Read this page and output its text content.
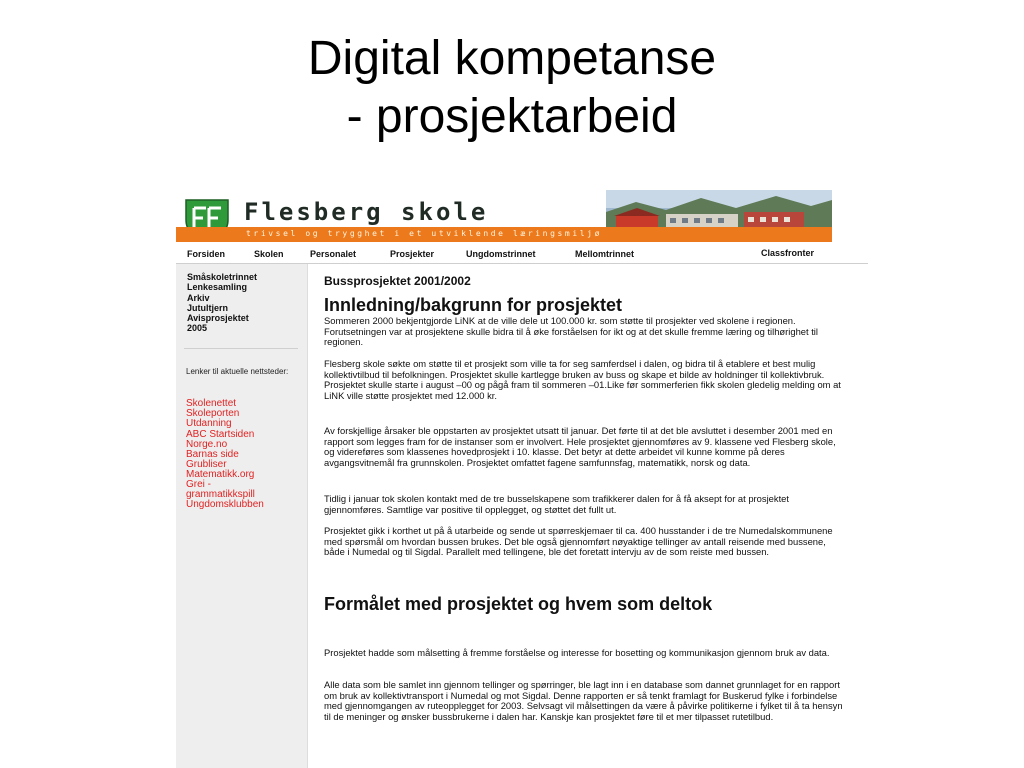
Digital kompetanse
- prosjektarbeid
Flesberg skole
trivsel og trygghet i et utviklende læringsmiljø
Forsiden	Skolen	Personalet	Prosjekter	Ungdomstrinnet	Mellomtrinnet	Classfronter
Småskoletrinnet
Lenkesamling
Arkiv
Jutultjern
Avisprosjektet
2005
Lenker til aktuelle nettsteder:
Skolenettet
Skoleporten
Utdanning
ABC Startsiden
Norge.no
Barnas side
Grubliser
Matematikk.org
Grei -
grammatikkspill
Ungdomsklubben
Bussprosjektet 2001/2002
Innledning/bakgrunn for prosjektet

Sommeren 2000 bekjentgjorde LiNK at de ville dele ut 100.000 kr. som støtte til prosjekter ved skolene i regionen. Forutsetningen var at prosjektene skulle bidra til å øke forståelsen for ikt og at det skulle fremme læring og tilhørighet til regionen.

Flesberg skole søkte om støtte til et prosjekt som ville ta for seg samferdsel i dalen, og bidra til å etablere et best mulig kollektivtilbud til befolkningen. Prosjektet skulle kartlegge bruken av buss og skape et bilde av holdninger til kollektivbruk. Prosjektet skulle starte i august –00 og pågå fram til sommeren –01.Like før sommerferien fikk skolen gledelig melding om at LiNK ville støtte prosjektet med 12.000 kr.

Av forskjellige årsaker ble oppstarten av prosjektet utsatt til januar. Det førte til at det ble avsluttet i desember 2001 med en rapport som legges fram for de instanser som er involvert. Hele prosjektet gjennomføres av 9. klassene ved Flesberg skole, og videreføres som klassenes hovedprosjekt i 10. klasse. Det betyr at dette arbeidet vil kunne komme på deres avgangsvitnemål fra grunnskolen. Prosjektet omfattet fagene samfunnsfag, matematikk, norsk og data.

Tidlig i januar tok skolen kontakt med de tre busselskapene som trafikkerer dalen for å få aksept for at prosjektet gjennomføres. Samtlige var positive til opplegget, og støttet det fullt ut.

Prosjektet gikk i korthet ut på å utarbeide og sende ut spørreskjemaer til ca. 400 husstander i de tre Numedalskommunene med spørsmål om hvordan bussen brukes. Det ble også gjennomført nøyaktige tellinger av antall reisende med bussene, både i Numedal og til Sigdal. Parallelt med tellingene, ble det foretatt intervju av de som reiste med bussen.

Formålet med prosjektet og hvem som deltok

Prosjektet hadde som målsetting å fremme forståelse og interesse for bosetting og kommunikasjon gjennom bruk av data.

Alle data som ble samlet inn gjennom tellinger og spørringer, ble lagt inn i en database som dannet grunnlaget for en rapport om bruk av kollektivtransport i Numedal og mot Sigdal. Denne rapporten er så tenkt framlagt for Buskerud fylke i forbindelse med gjennomgangen av ruteopplegget for 2003. Selvsagt vil målsettingen da være å påvirke politikerne i fylket til å ta hensyn til de meninger og ønsker bussbrukerne i dalen har. Kanskje kan prosjektet føre til et mer tilpasset rutetilbud.
